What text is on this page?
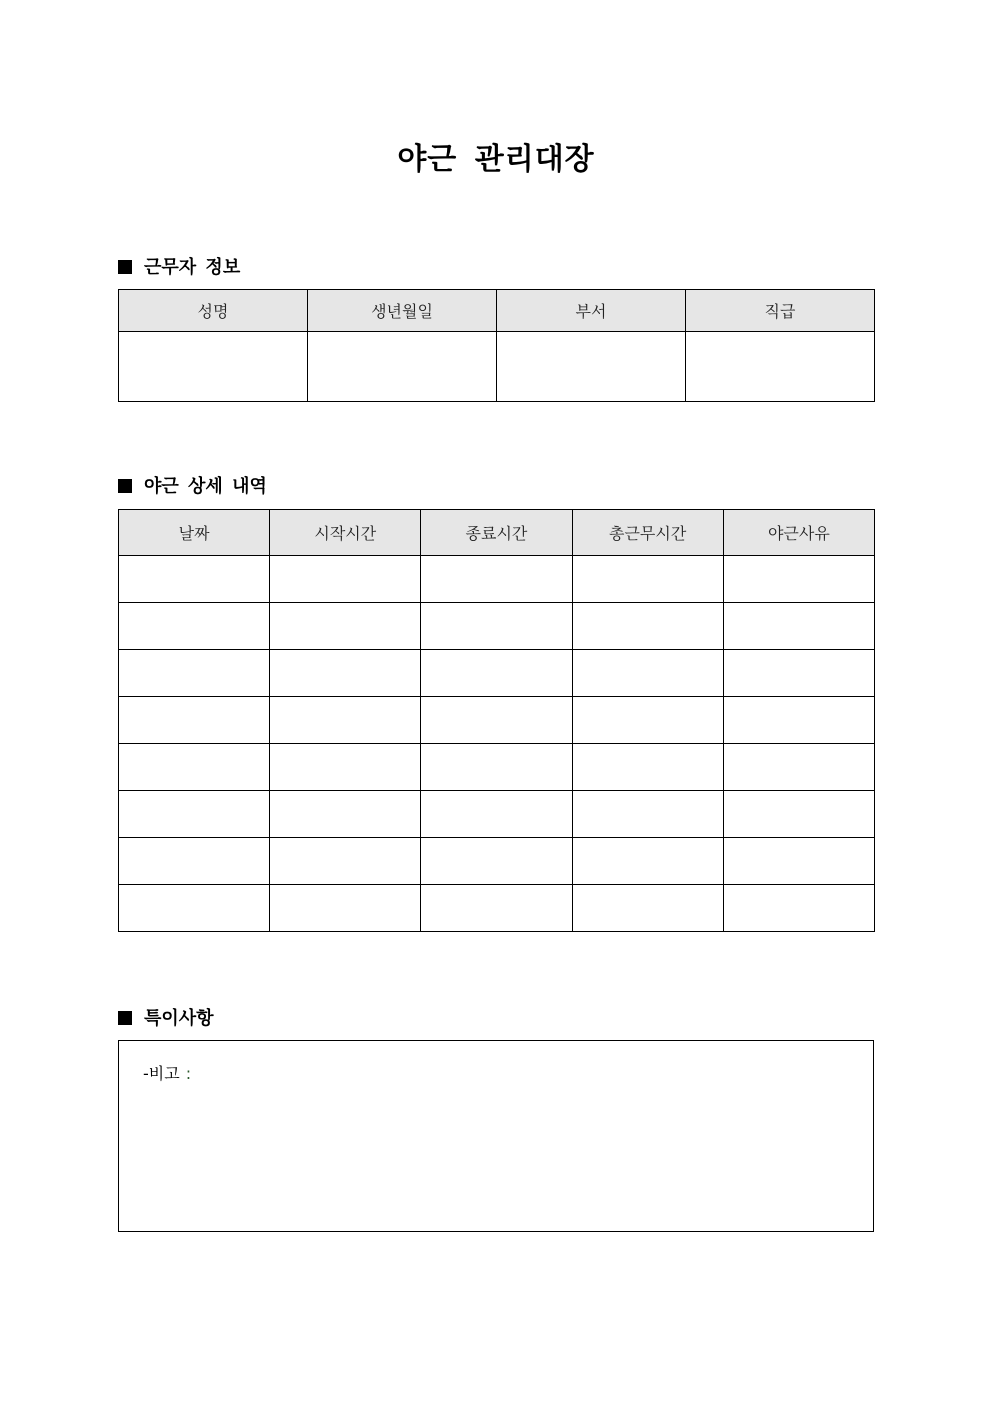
야근 관리대장
근무자 정보
성명	생년월일	부서	직급

야근 상세 내역
날짜	시작시간	종료시간	총근무시간	야근사유

특이사항
-비고 :
